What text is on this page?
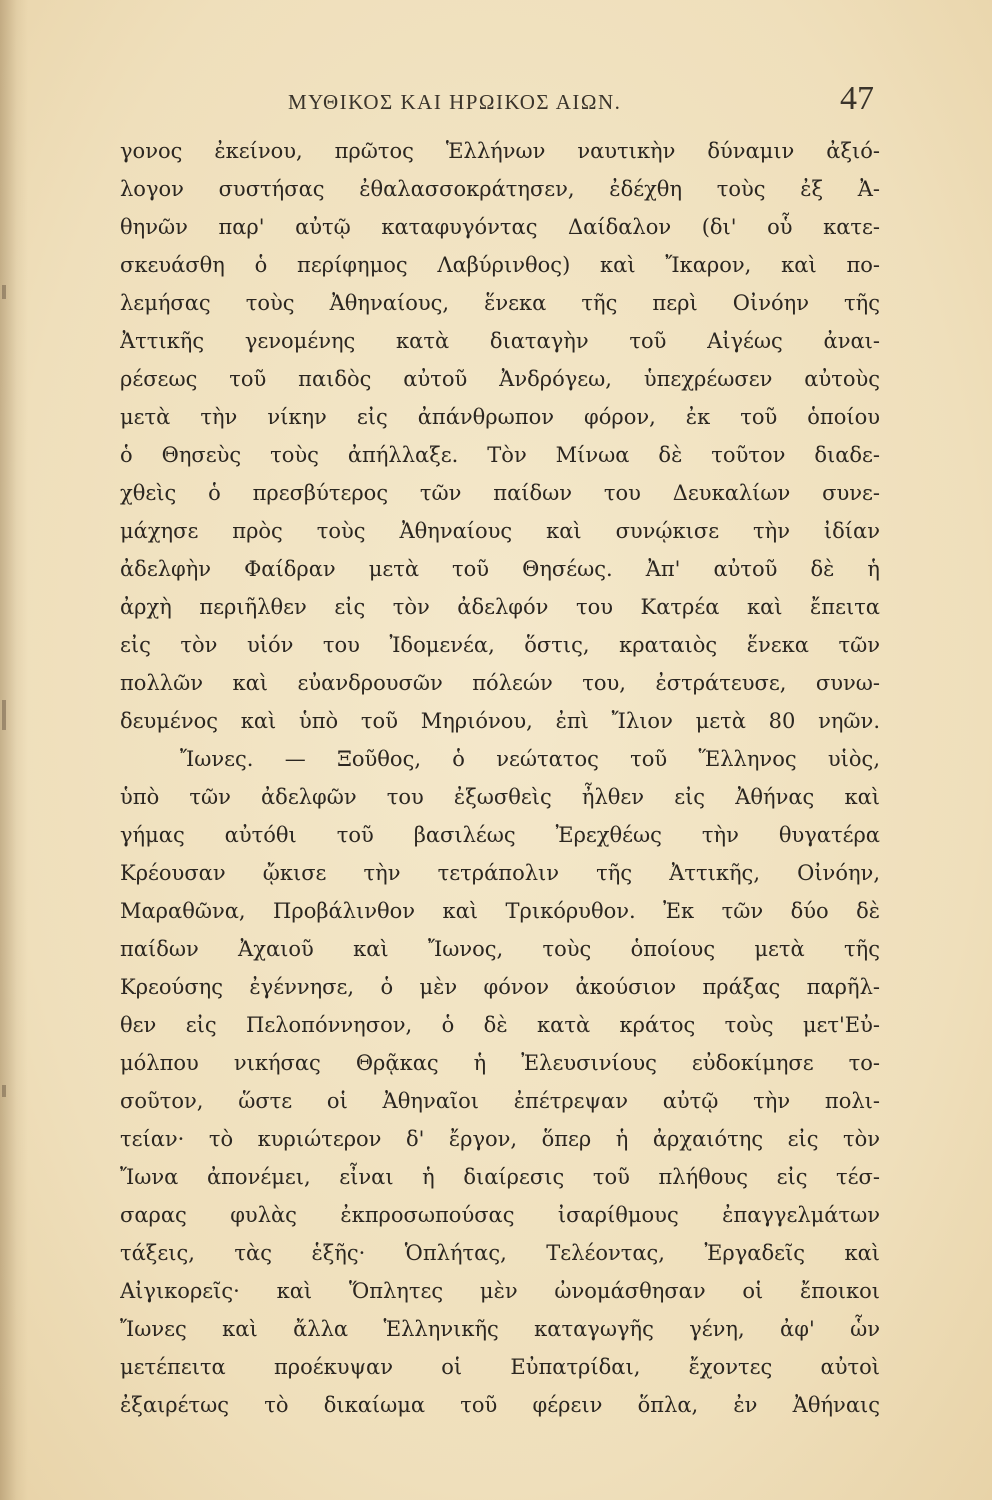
ΜΥΘΙΚΟΣ ΚΑΙ ΗΡΩΙΚΟΣ ΑΙΩΝ.	47
γονος ἐκείνου, πρῶτος Ἑλλήνων ναυτικὴν δύναμιν ἀξιό-
λογον συστήσας ἐθαλασσοκράτησεν, ἐδέχθη τοὺς ἐξ Ἀ-
θηνῶν παρ' αὐτῷ καταφυγόντας Δαίδαλον (δι' οὗ κατε-
σκευάσθη ὁ περίφημος Λαβύρινθος) καὶ Ἴκαρον, καὶ πο-
λεμήσας τοὺς Ἀθηναίους, ἕνεκα τῆς περὶ Οἰνόην τῆς
Ἀττικῆς γενομένης κατὰ διαταγὴν τοῦ Αἰγέως ἀναι-
ρέσεως τοῦ παιδὸς αὐτοῦ Ἀνδρόγεω, ὑπεχρέωσεν αὐτοὺς
μετὰ τὴν νίκην εἰς ἀπάνθρωπον φόρον, ἐκ τοῦ ὁποίου
ὁ Θησεὺς τοὺς ἀπήλλαξε. Τὸν Μίνωα δὲ τοῦτον διαδε-
χθεὶς ὁ πρεσβύτερος τῶν παίδων του Δευκαλίων συνε-
μάχησε πρὸς τοὺς Ἀθηναίους καὶ συνῴκισε τὴν ἰδίαν
ἀδελφὴν Φαίδραν μετὰ τοῦ Θησέως. Ἀπ' αὐτοῦ δὲ ἡ
ἀρχὴ περιῆλθεν εἰς τὸν ἀδελφόν του Κατρέα καὶ ἔπειτα
εἰς τὸν υἱόν του Ἰδομενέα, ὅστις, κραταιὸς ἕνεκα τῶν
πολλῶν καὶ εὐανδρουσῶν πόλεών του, ἐστράτευσε, συνω-
δευμένος καὶ ὑπὸ τοῦ Μηριόνου, ἐπὶ Ἴλιον μετὰ 80 νηῶν.
Ἴωνες. — Ξοῦθος, ὁ νεώτατος τοῦ Ἕλληνος υἱὸς,
ὑπὸ τῶν ἀδελφῶν του ἐξωσθεὶς ἦλθεν εἰς Ἀθήνας καὶ
γήμας αὐτόθι τοῦ βασιλέως Ἐρεχθέως τὴν θυγατέρα
Κρέουσαν ᾤκισε τὴν τετράπολιν τῆς Ἀττικῆς, Οἰνόην,
Μαραθῶνα, Προβάλινθον καὶ Τρικόρυθον. Ἐκ τῶν δύο δὲ
παίδων Ἀχαιοῦ καὶ Ἴωνος, τοὺς ὁποίους μετὰ τῆς
Κρεούσης ἐγέννησε, ὁ μὲν φόνον ἀκούσιον πράξας παρῆλ-
θεν εἰς Πελοπόννησον, ὁ δὲ κατὰ κράτος τοὺς μετ'Εὐ-
μόλπου νικήσας Θρᾷκας ἡ Ἐλευσινίους εὐδοκίμησε το-
σοῦτον, ὥστε οἱ Ἀθηναῖοι ἐπέτρεψαν αὐτῷ τὴν πολι-
τείαν· τὸ κυριώτερον δ' ἔργον, ὅπερ ἡ ἀρχαιότης εἰς τὸν
Ἴωνα ἀπονέμει, εἶναι ἡ διαίρεσις τοῦ πλήθους εἰς τέσ-
σαρας φυλὰς ἐκπροσωπούσας ἰσαρίθμους ἐπαγγελμάτων
τάξεις, τὰς ἑξῆς· Ὁπλήτας, Τελέοντας, Ἐργαδεῖς καὶ
Αἰγικορεῖς· καὶ Ὅπλητες μὲν ὠνομάσθησαν οἱ ἔποικοι
Ἴωνες καὶ ἄλλα Ἑλληνικῆς καταγωγῆς γένη, ἀφ' ὧν
μετέπειτα προέκυψαν οἱ Εὐπατρίδαι, ἔχοντες αὐτοὶ
ἐξαιρέτως τὸ δικαίωμα τοῦ φέρειν ὅπλα, ἐν Ἀθήναις
